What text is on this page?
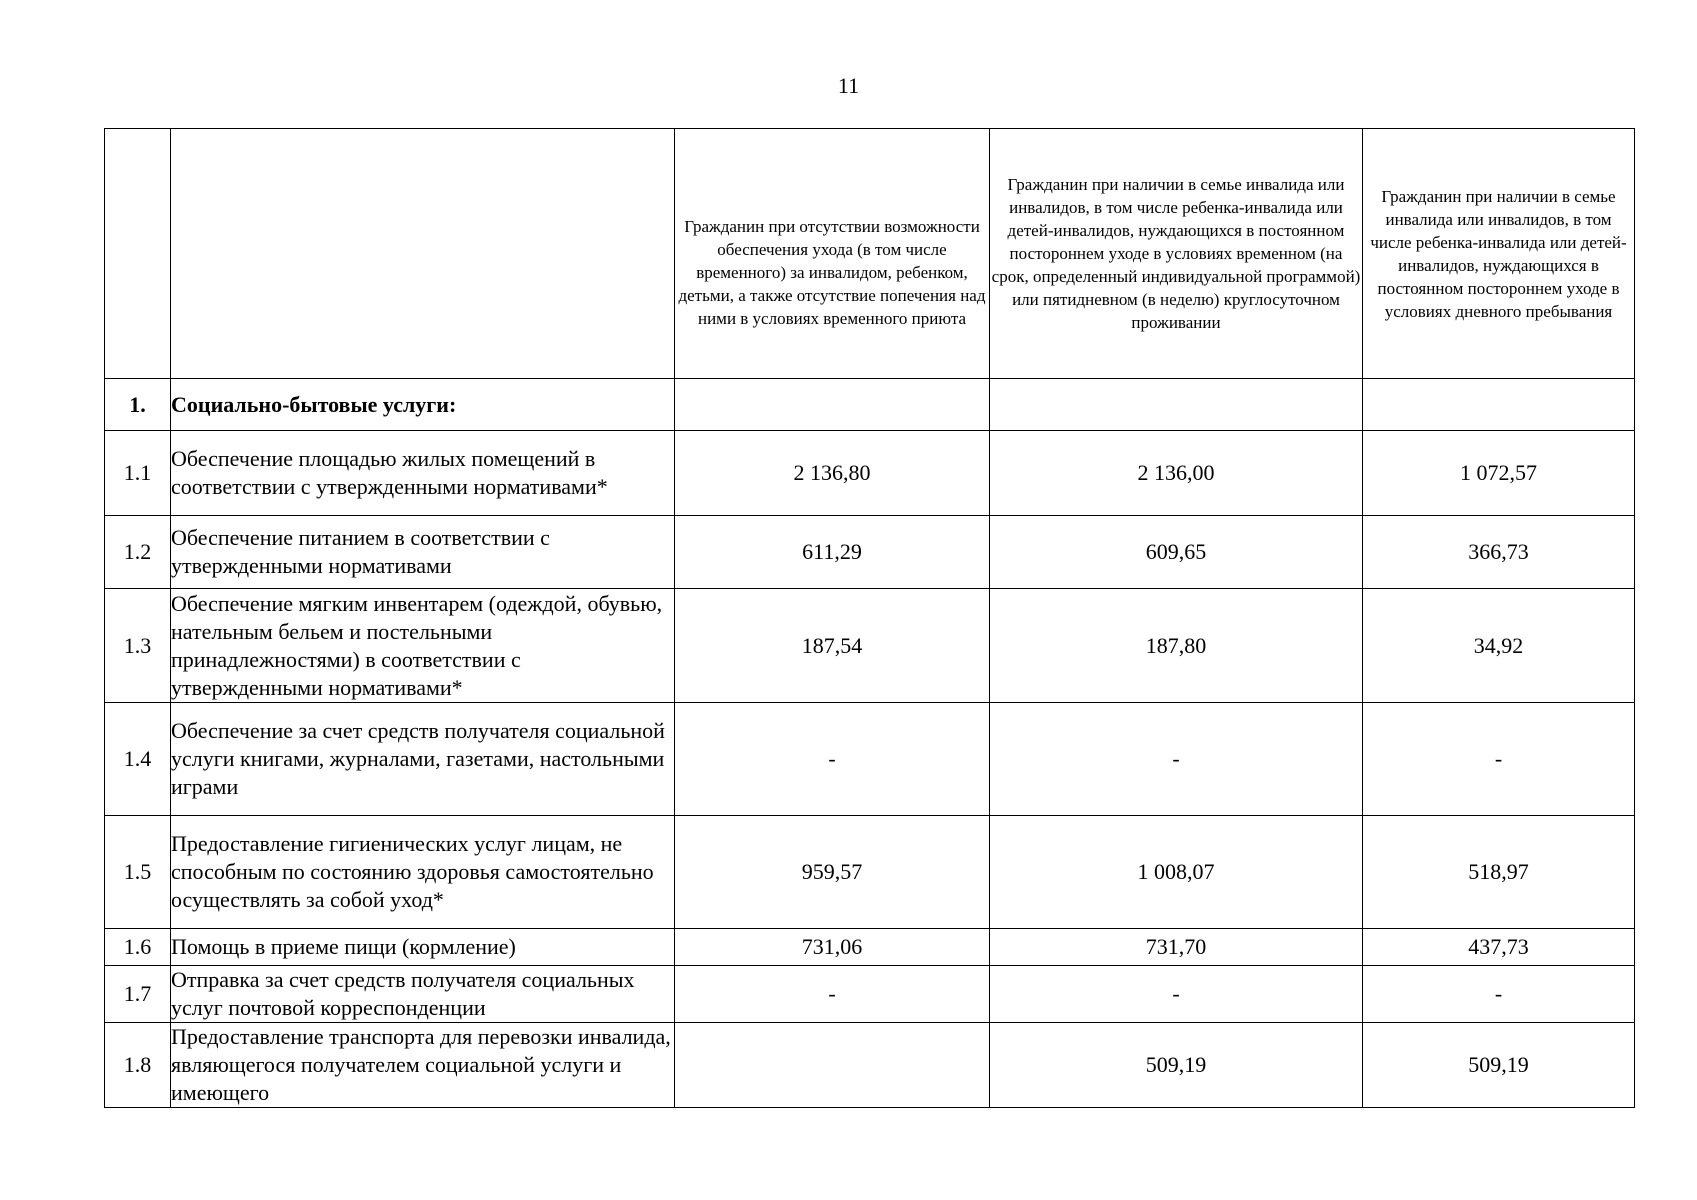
11
		Гражданин при отсутствии возможности обеспечения ухода (в том числе временного) за инвалидом, ребенком, детьми, а также отсутствие попечения над ними в условиях временного приюта	Гражданин при наличии в семье инвалида или инвалидов, в том числе ребенка-инвалида или детей-инвалидов, нуждающихся в постоянном постороннем уходе в условиях временном (на срок, определенный индивидуальной программой) или пятидневном (в неделю) круглосуточном проживании	Гражданин при наличии в семье инвалида или инвалидов, в том числе ребенка-инвалида или детей-инвалидов, нуждающихся в постоянном постороннем уходе в условиях дневного пребывания
1.	Социально-бытовые услуги:			
1.1	Обеспечение площадью жилых помещений в соответствии с утвержденными нормативами*	2 136,80	2 136,00	1 072,57
1.2	Обеспечение питанием в соответствии с утвержденными нормативами	611,29	609,65	366,73
1.3	Обеспечение мягким инвентарем (одеждой, обувью, нательным бельем и постельными принадлежностями) в соответствии с утвержденными нормативами*	187,54	187,80	34,92
1.4	Обеспечение за счет средств получателя социальной услуги книгами, журналами, газетами, настольными играми	-	-	-
1.5	Предоставление гигиенических услуг лицам, не способным по состоянию здоровья самостоятельно осуществлять за собой уход*	959,57	1 008,07	518,97
1.6	Помощь в приеме пищи (кормление)	731,06	731,70	437,73
1.7	Отправка за счет средств получателя социальных услуг почтовой корреспонденции	-	-	-
1.8	Предоставление транспорта для перевозки инвалида, являющегося получателем социальной услуги и имеющего		509,19	509,19
